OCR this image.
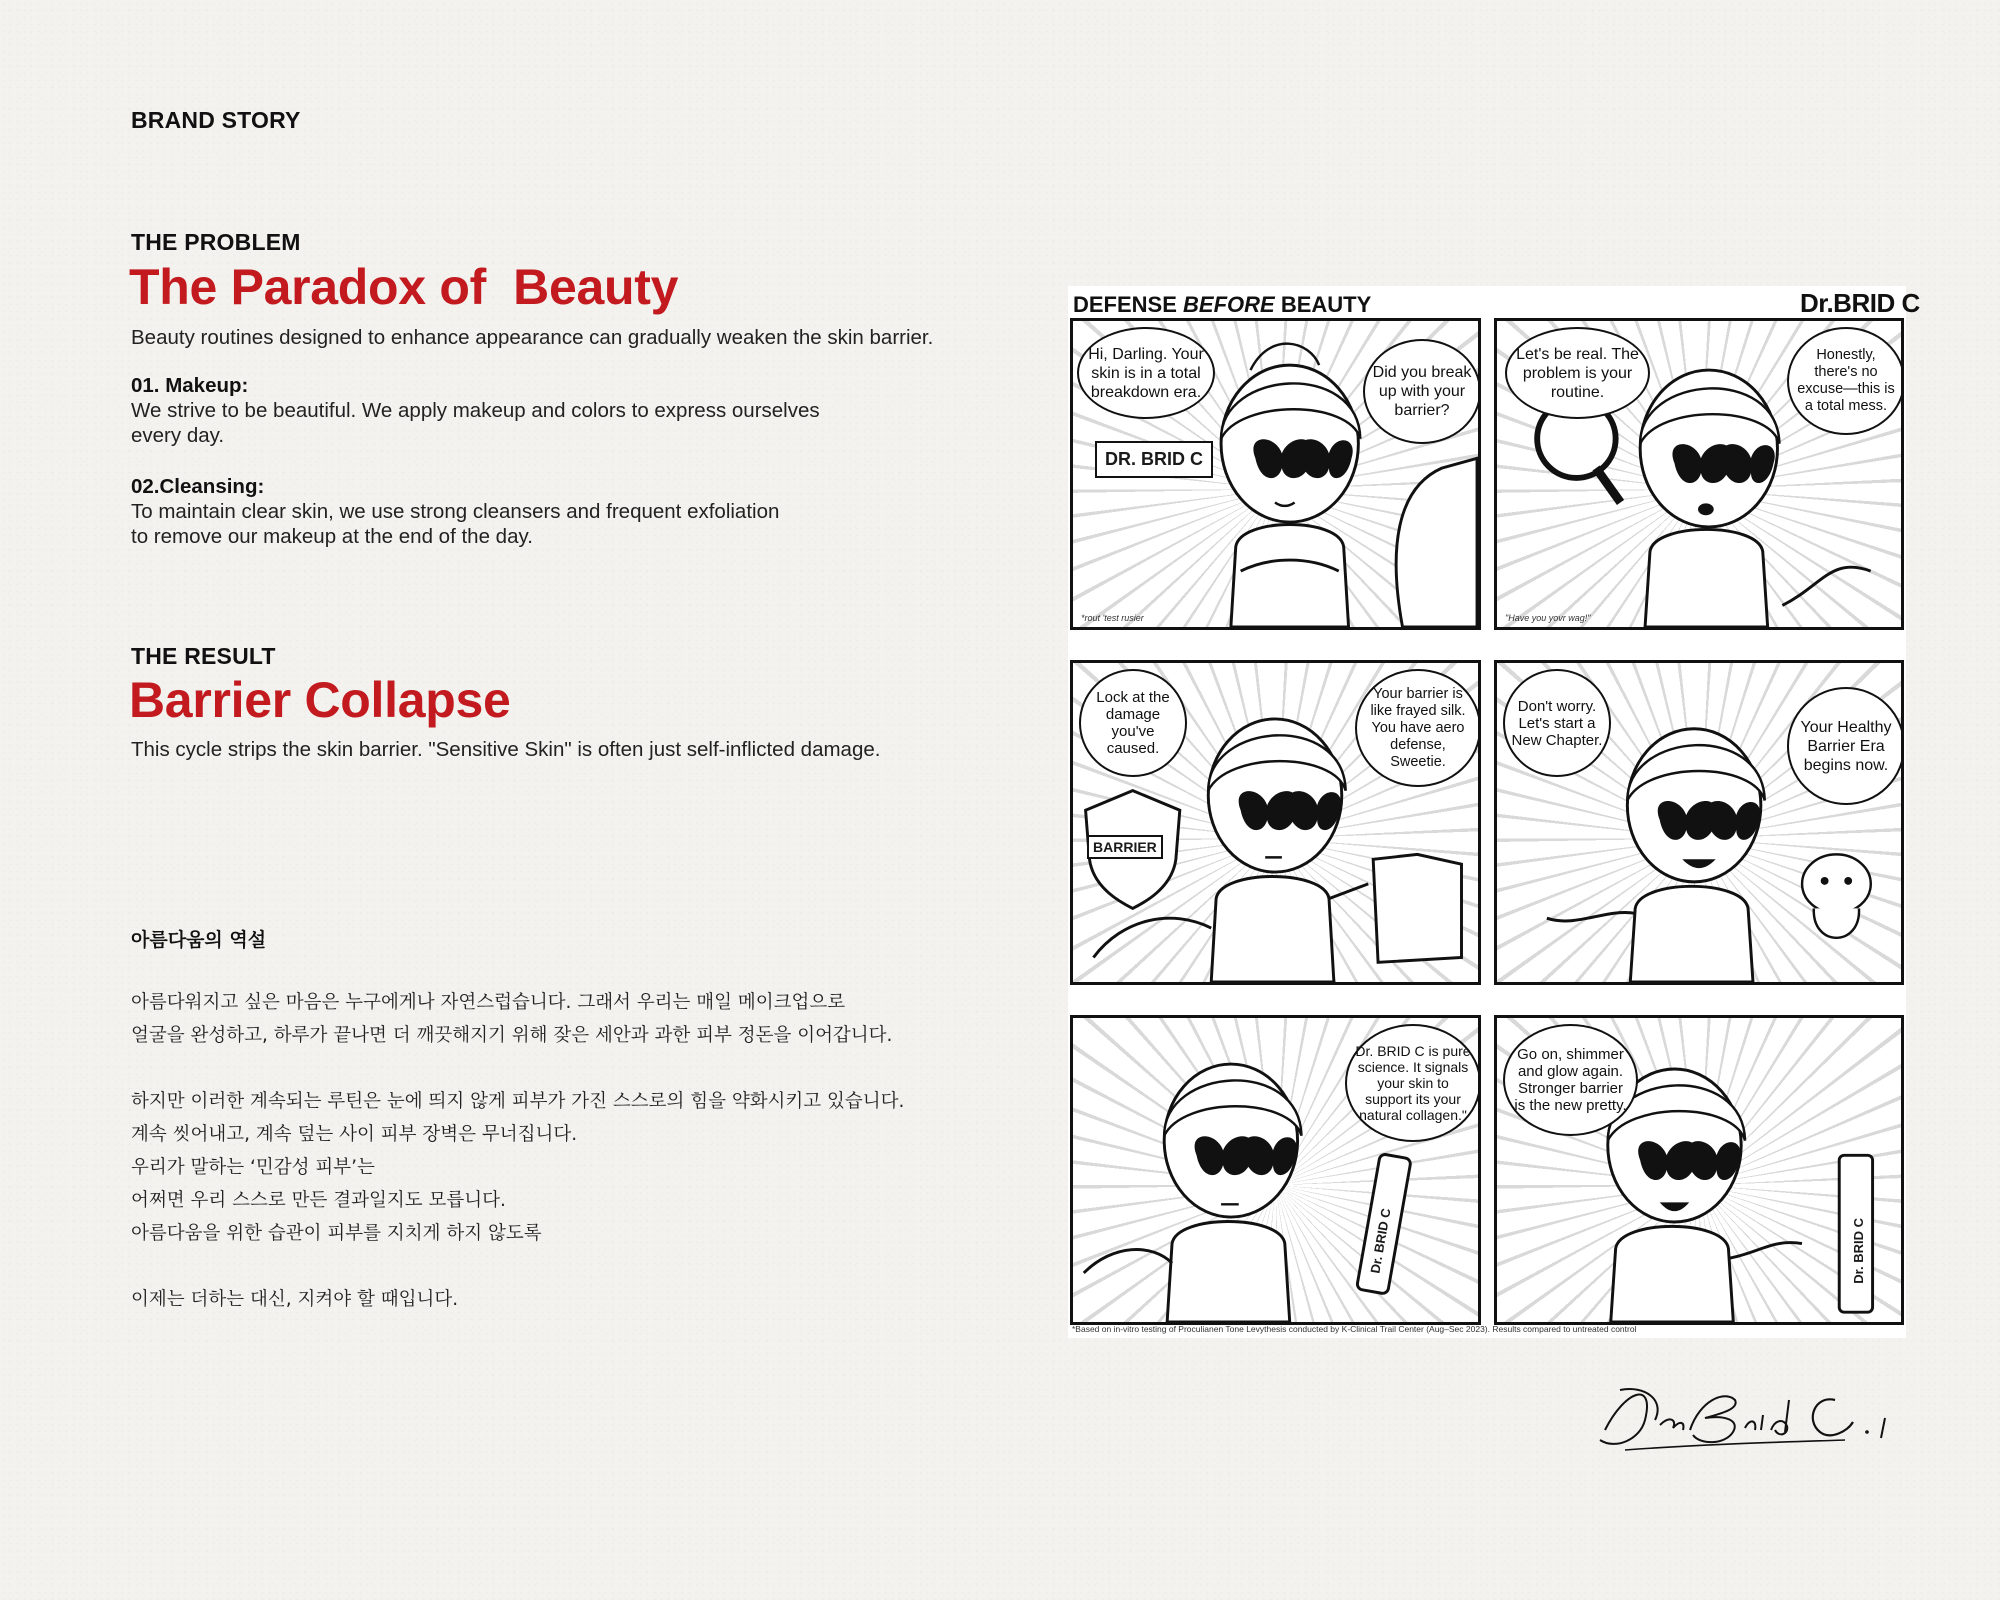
BRAND STORY
THE PROBLEM
The Paradox of  Beauty
Beauty routines designed to enhance appearance can gradually weaken the skin barrier.
01. Makeup:
We strive to be beautiful. We apply makeup and colors to express ourselves
every day.
02.Cleansing:
To maintain clear skin, we use strong cleansers and frequent exfoliation
to remove our makeup at the end of the day.
THE RESULT
Barrier Collapse
This cycle strips the skin barrier. "Sensitive Skin" is often just self-inflicted damage.
아름다움의 역설
아름다워지고 싶은 마음은 누구에게나 자연스럽습니다. 그래서 우리는 매일 메이크업으로
얼굴을 완성하고, 하루가 끝나면 더 깨끗해지기 위해 잦은 세안과 과한 피부 정돈을 이어갑니다.
하지만 이러한 계속되는 루틴은 눈에 띄지 않게 피부가 가진 스스로의 힘을 약화시키고 있습니다.
계속 씻어내고, 계속 덮는 사이 피부 장벽은 무너집니다.
우리가 말하는 ‘민감성 피부’는
어쩌면 우리 스스로 만든 결과일지도 모릅니다.
아름다움을 위한 습관이 피부를 지치게 하지 않도록
이제는 더하는 대신, 지켜야 할 때입니다.
DEFENSE BEFORE BEAUTY	Dr.BRID C
Hi, Darling. Your skin is in a total breakdown era.
Did you break up with your barrier?
DR. BRID C
*rout 'test rusier
Let's be real. The problem is your routine.
Honestly, there's no excuse—this is a total mess.
"Have you yovr wag!"
Lock at the damage you've caused.
Your barrier is like frayed silk. You have aero defense, Sweetie.
BARRIER
Don't worry. Let's start a New Chapter.
Your Healthy Barrier Era begins now.
Dr. BRID C is pure science. It signals your skin to support its your natural collagen."
Dr. BRID C
Go on, shimmer and glow again. Stronger barrier is the new pretty.
Dr. BRID C
*Based on in-vitro testing of Proculianen Tone Levythesis conducted by K-Clinical Trail Center (Aug–Sec 2023). Results compared to untreated control
Dr. Brid C.
